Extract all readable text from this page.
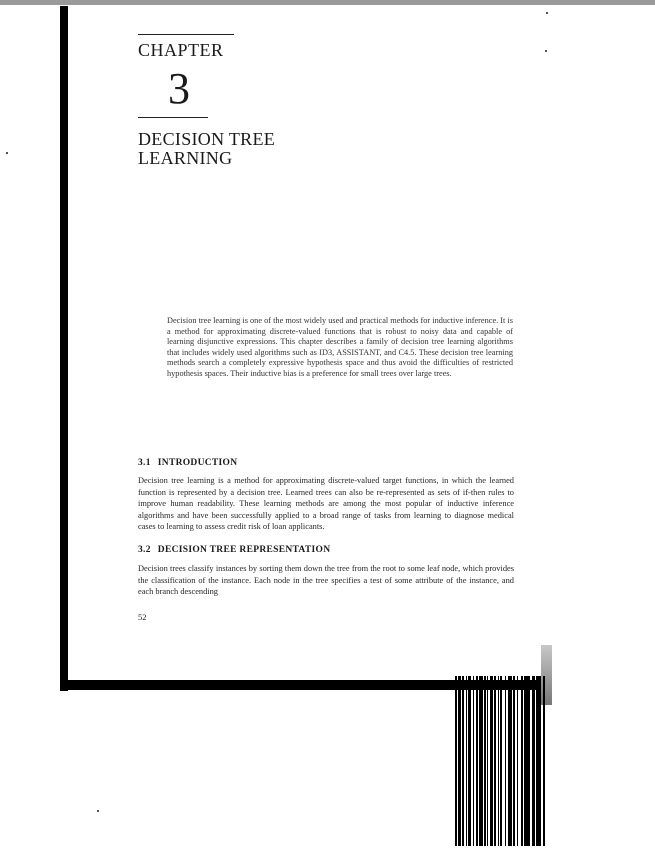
CHAPTER
3
DECISION TREE
LEARNING
Decision tree learning is one of the most widely used and practical methods for inductive inference. It is a method for approximating discrete-valued functions that is robust to noisy data and capable of learning disjunctive expressions. This chapter describes a family of decision tree learning algorithms that includes widely used algorithms such as ID3, ASSISTANT, and C4.5. These decision tree learning methods search a completely expressive hypothesis space and thus avoid the difficulties of restricted hypothesis spaces. Their inductive bias is a preference for small trees over large trees.
3.1 INTRODUCTION
Decision tree learning is a method for approximating discrete-valued target functions, in which the learned function is represented by a decision tree. Learned trees can also be re-represented as sets of if-then rules to improve human readability. These learning methods are among the most popular of inductive inference algorithms and have been successfully applied to a broad range of tasks from learning to diagnose medical cases to learning to assess credit risk of loan applicants.
3.2 DECISION TREE REPRESENTATION
Decision trees classify instances by sorting them down the tree from the root to some leaf node, which provides the classification of the instance. Each node in the tree specifies a test of some attribute of the instance, and each branch descending
52
